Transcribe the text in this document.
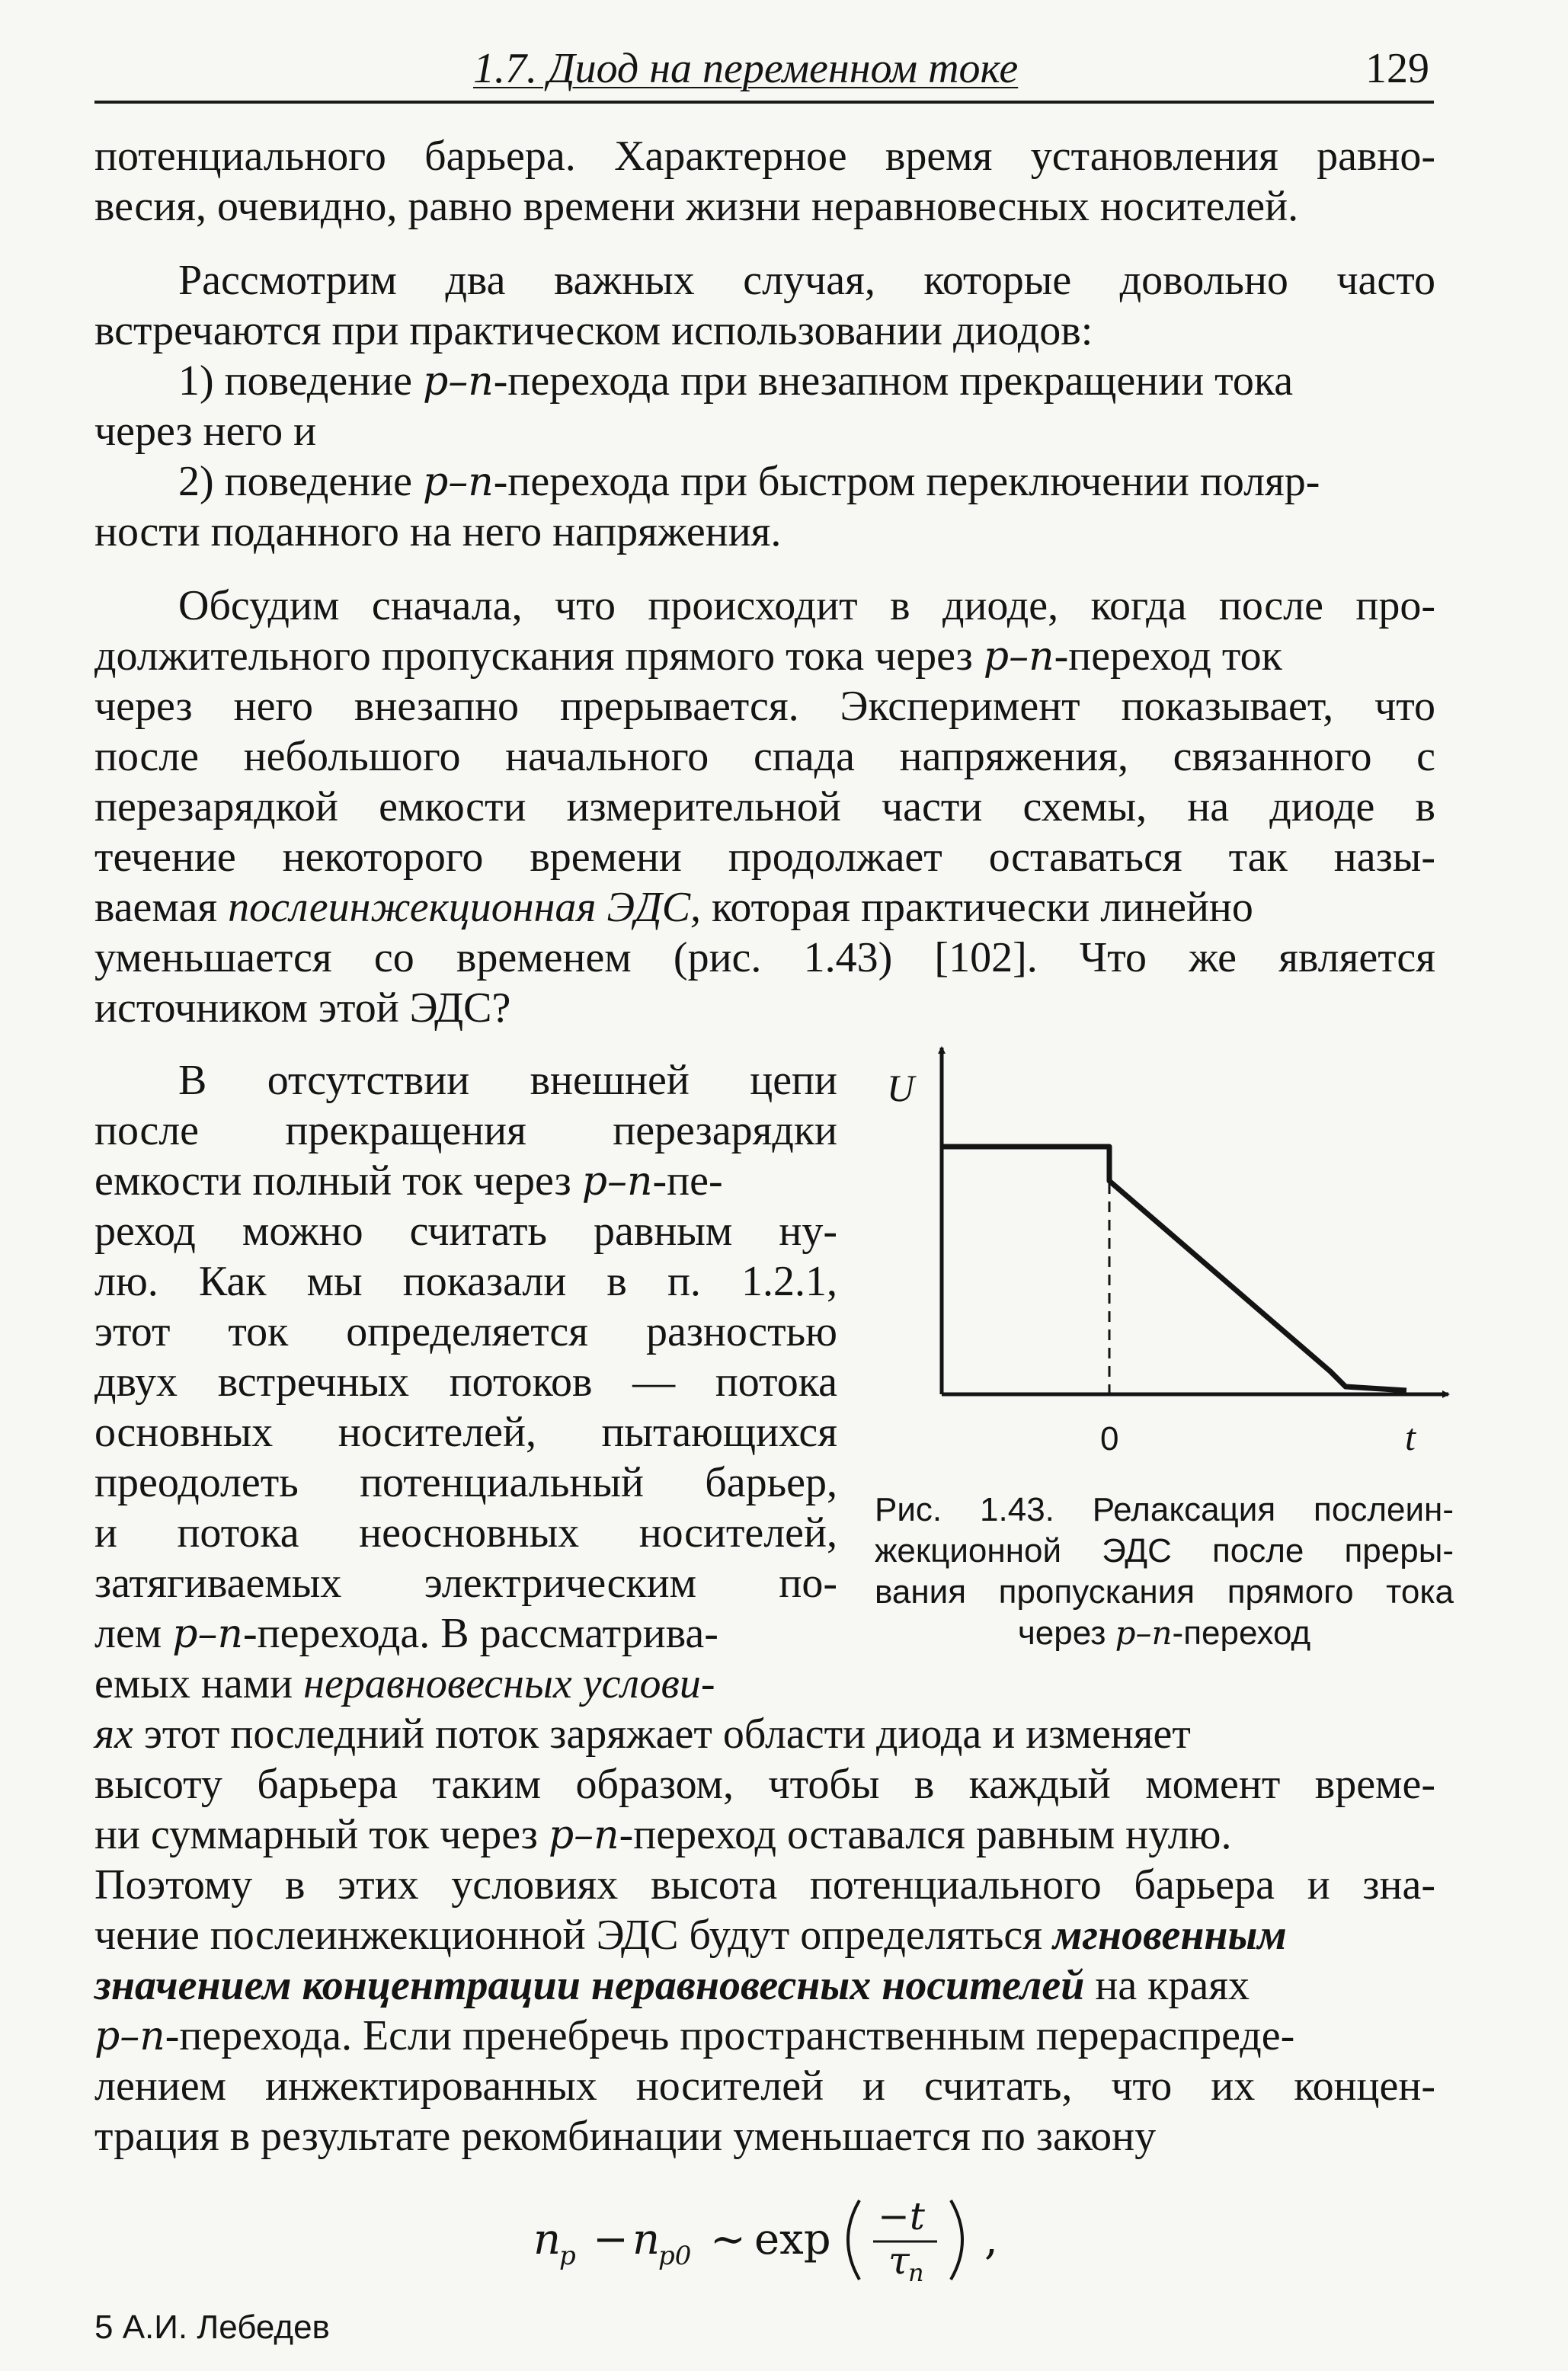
1.7. Диод на переменном токе	129
потенциального барьера. Характерное время установления равно-
весия, очевидно, равно времени жизни неравновесных носителей.
Рассмотрим два важных случая, которые довольно часто
встречаются при практическом использовании диодов:
1) поведение p–n-перехода при внезапном прекращении тока
через него и
2) поведение p–n-перехода при быстром переключении поляр-
ности поданного на него напряжения.
Обсудим сначала, что происходит в диоде, когда после про-
должительного пропускания прямого тока через p–n-переход ток
через него внезапно прерывается. Эксперимент показывает, что
после небольшого начального спада напряжения, связанного с
перезарядкой емкости измерительной части схемы, на диоде в
течение некоторого времени продолжает оставаться так назы-
ваемая послеинжекционная ЭДС, которая практически линейно
уменьшается со временем (рис. 1.43) [102]. Что же является
источником этой ЭДС?
В отсутствии внешней цепи
после прекращения перезарядки
емкости полный ток через p–n-пе-
реход можно считать равным ну-
лю. Как мы показали в п. 1.2.1,
этот ток определяется разностью
двух встречных потоков — потока
основных носителей, пытающихся
преодолеть потенциальный барьер,
и потока неосновных носителей,
затягиваемых электрическим по-
лем p–n-перехода. В рассматрива-
емых нами неравновесных услови-
ях этот последний поток заряжает области диода и изменяет
высоту барьера таким образом, чтобы в каждый момент време-
ни суммарный ток через p–n-переход оставался равным нулю.
Поэтому в этих условиях высота потенциального барьера и зна-
чение послеинжекционной ЭДС будут определяться мгновенным
значением концентрации неравновесных носителей на краях
p–n-перехода. Если пренебречь пространственным перераспреде-
лением инжектированных носителей и считать, что их концен-
трация в результате рекомбинации уменьшается по закону
U
0	t
Рис. 1.43. Релаксация послеин-
жекционной ЭДС после преры-
вания пропускания прямого тока
через p–n-переход
n
p − n
p0 ∼ exp −t
τ
n
,
5 А.И. Лебедев
